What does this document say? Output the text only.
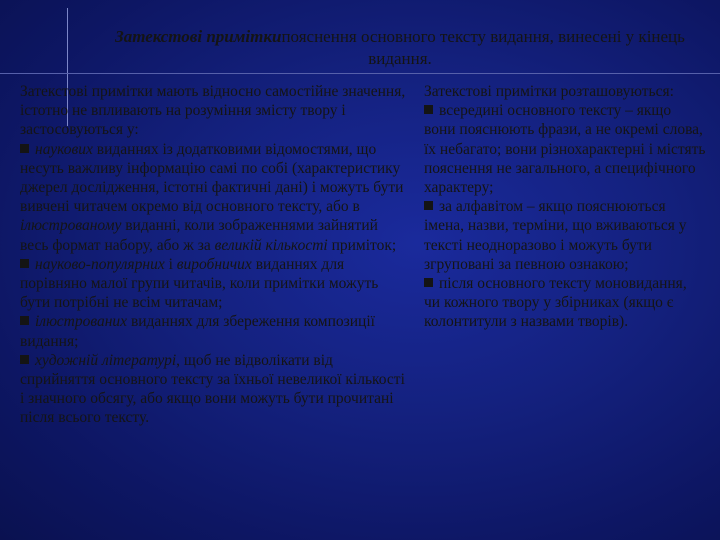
Затекстові приміткипояснення основного тексту видання, винесені у кінець видання.

Затекстові примітки мають відносно самостійне значення, істотно не впливають на розуміння змісту твору і застосовуються у:

наукових виданнях із додатковими відомостями, що несуть важливу інформацію самі по собі (характеристику джерел дослідження, істотні фактичні дані) і можуть бути вивчені читачем окремо від основного тексту, або в ілюстрованому виданні, коли зображеннями зайнятий весь формат набору, або ж за великій кількості приміток;

науково-популярних і виробничих виданнях для порівняно малої групи читачів, коли примітки можуть бути потрібні не всім читачам;

ілюстрованих виданнях для збереження композиції видання;

художній літературі, щоб не відволікати від сприйняття основного тексту за їхньої невеликої кількості і значного обсягу, або якщо вони можуть бути прочитані після всього тексту.

Затекстові примітки розташовуються:

всередині основного тексту – якщо вони пояснюють фрази, а не окремі слова, їх небагато; вони різнохарактерні і містять пояснення не загального, а специфічного характеру;

за алфавітом – якщо пояснюються імена, назви, терміни, що вживаються у тексті неодноразово і можуть бути згруповані за певною ознакою;

після основного тексту моновидання, чи кожного твору у збірниках (якщо є колонтитули з назвами творів).
